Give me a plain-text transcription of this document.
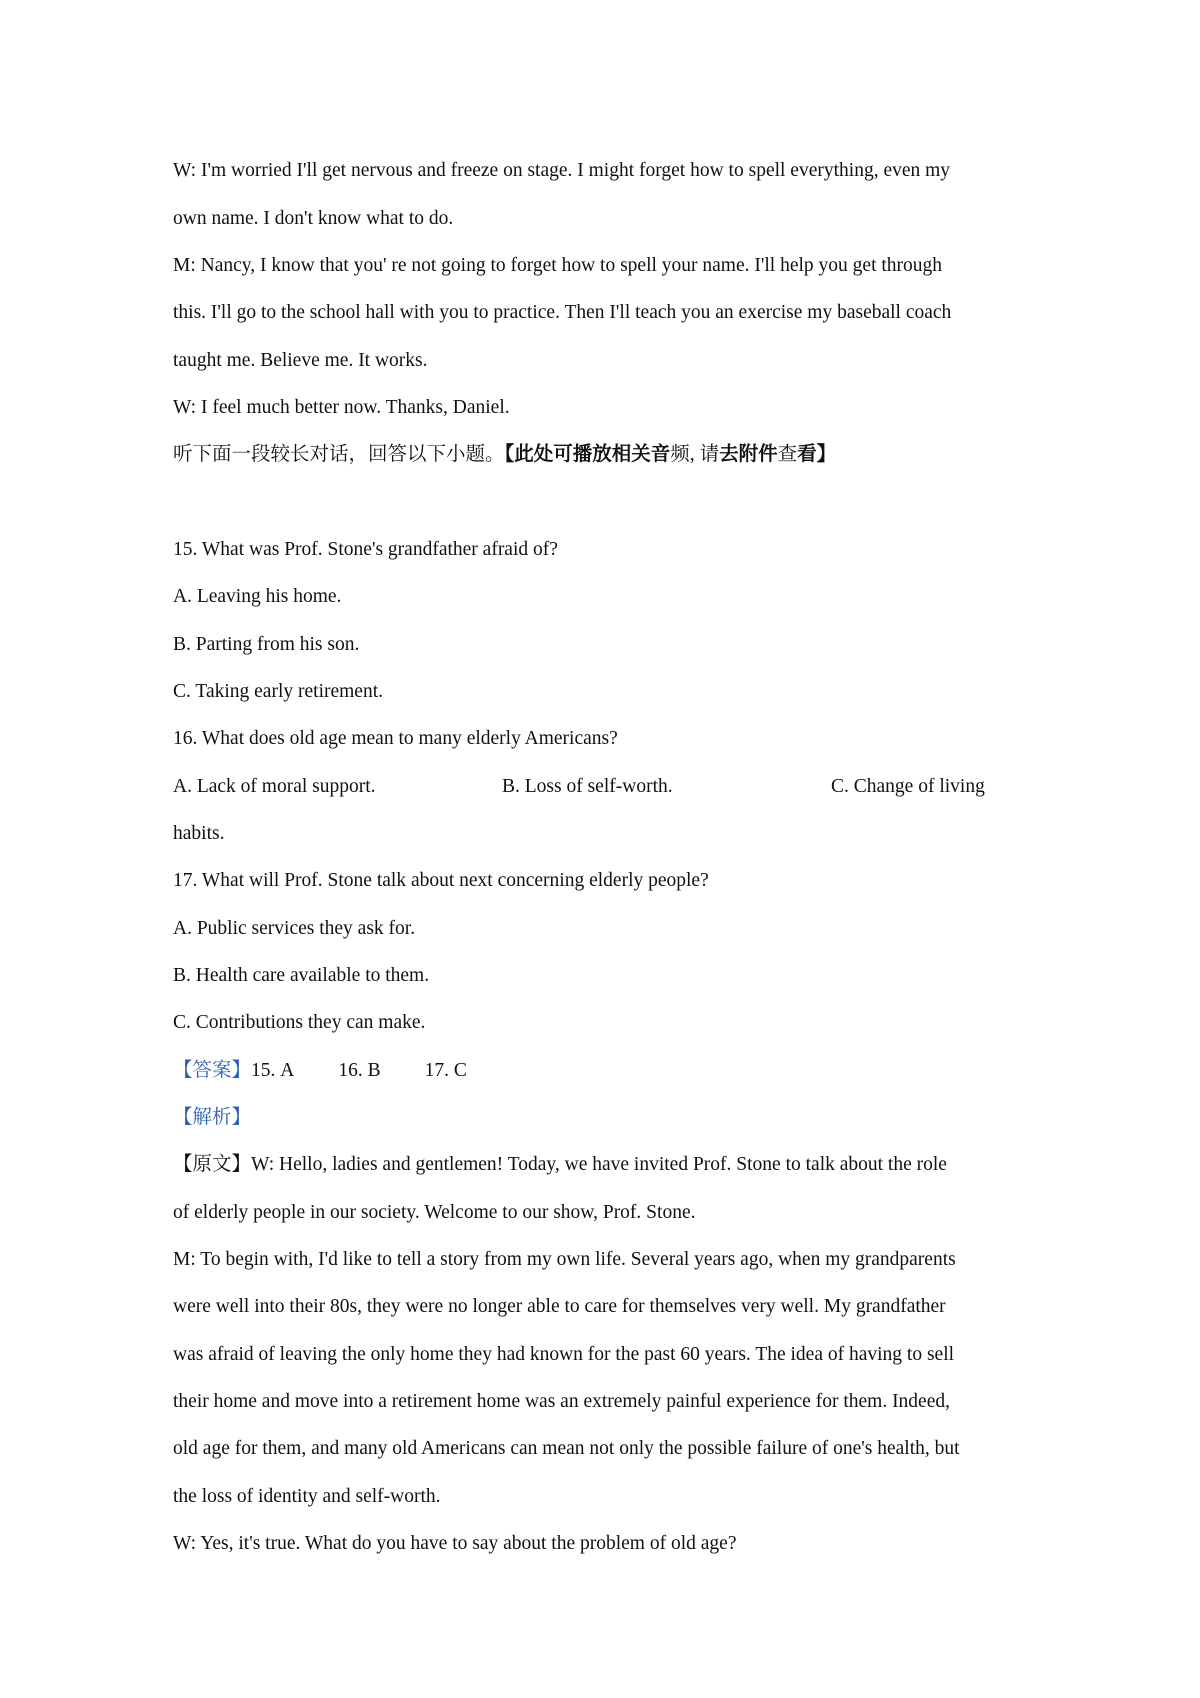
W: I'm worried I'll get nervous and freeze on stage. I might forget how to spell everything, even my
own name. I don't know what to do.
M: Nancy, I know that you' re not going to forget how to spell your name. I'll help you get through
this. I'll go to the school hall with you to practice. Then I'll teach you an exercise my baseball coach
taught me. Believe me. It works.
W: I feel much better now. Thanks, Daniel.
听下面一段较长对话，回答以下小题。【此处可播放相关音频, 请去附件查看】
15. What was Prof. Stone's grandfather afraid of?
A. Leaving his home.
B. Parting from his son.
C. Taking early retirement.
16. What does old age mean to many elderly Americans?
A. Lack of moral support.	B. Loss of self-worth.	C. Change of living
habits.
17. What will Prof. Stone talk about next concerning elderly people?
A. Public services they ask for.
B. Health care available to them.
C. Contributions they can make.
【答案】15. A 16. B 17. C
【解析】
【原文】W: Hello, ladies and gentlemen! Today, we have invited Prof. Stone to talk about the role
of elderly people in our society. Welcome to our show, Prof. Stone.
M: To begin with, I'd like to tell a story from my own life. Several years ago, when my grandparents
were well into their 80s, they were no longer able to care for themselves very well. My grandfather
was afraid of leaving the only home they had known for the past 60 years. The idea of having to sell
their home and move into a retirement home was an extremely painful experience for them. Indeed,
old age for them, and many old Americans can mean not only the possible failure of one's health, but
the loss of identity and self-worth.
W: Yes, it's true. What do you have to say about the problem of old age?
